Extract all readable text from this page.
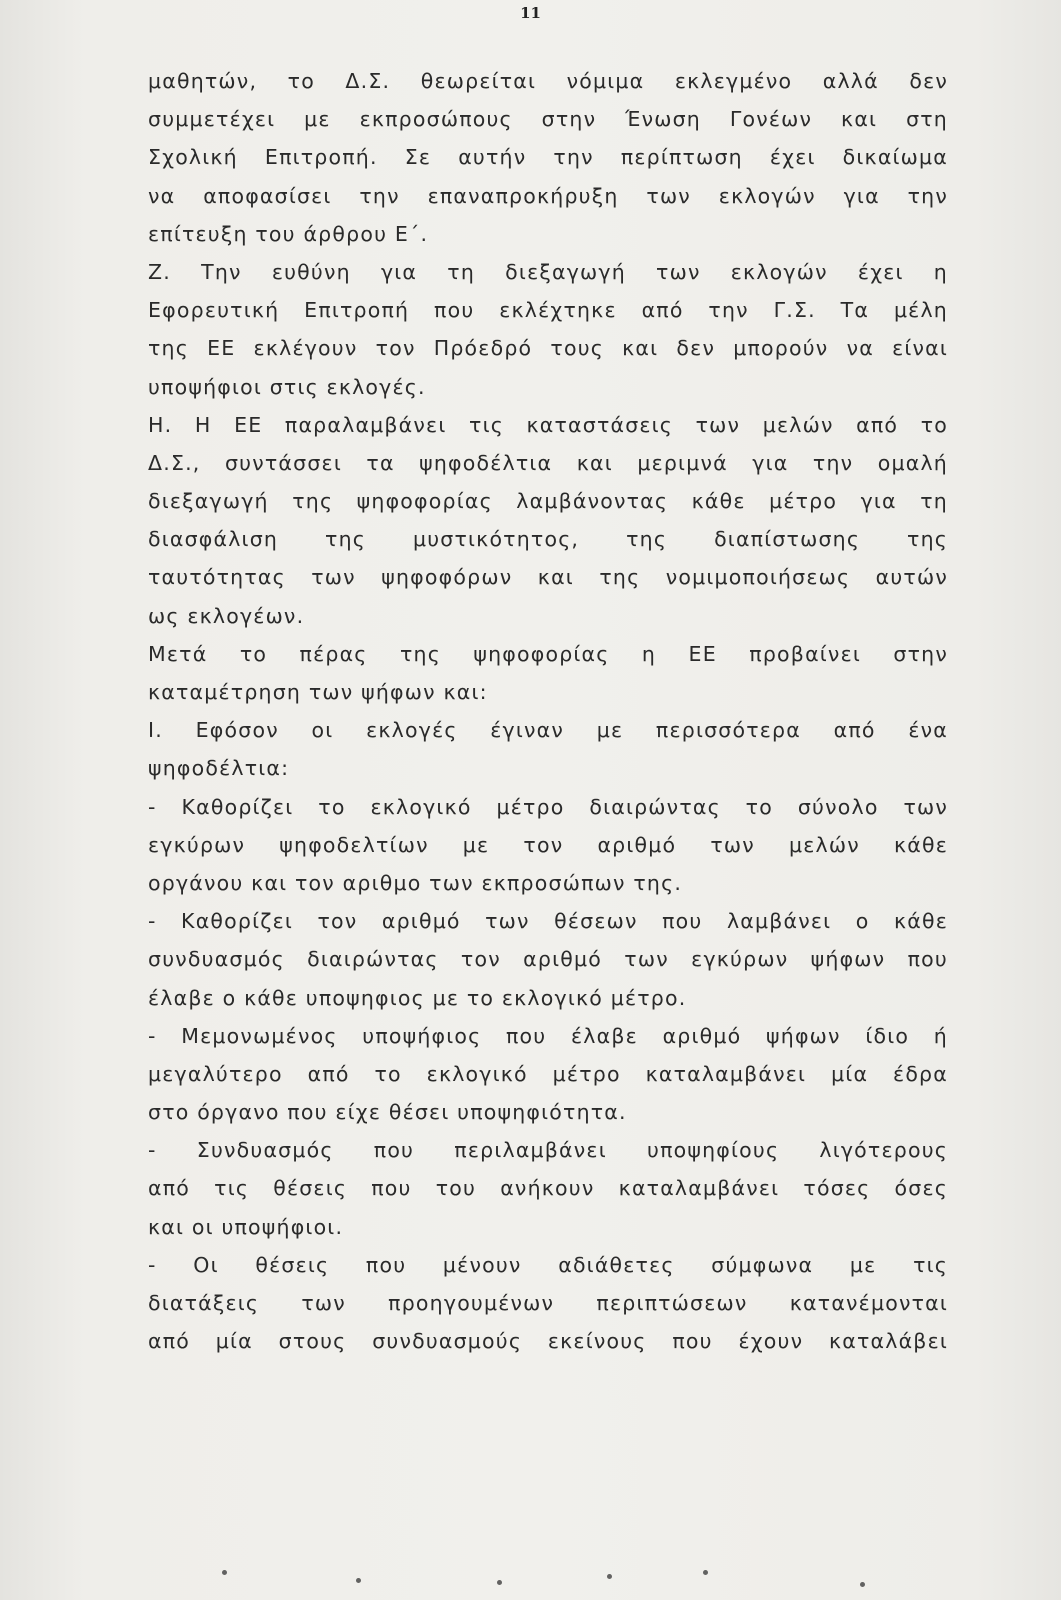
11
μαθητών, το Δ.Σ. θεωρείται νόμιμα εκλεγμένο αλλά δεν
συμμετέχει με εκπροσώπους στην Ένωση Γονέων και στη
Σχολική Επιτροπή. Σε αυτήν την περίπτωση έχει δικαίωμα
να αποφασίσει την επαναπροκήρυξη των εκλογών για την
επίτευξη του άρθρου Ε΄.
Ζ. Την ευθύνη για τη διεξαγωγή των εκλογών έχει η
Εφορευτική Επιτροπή που εκλέχτηκε από την Γ.Σ. Τα μέλη
της ΕΕ εκλέγουν τον Πρόεδρό τους και δεν μπορούν να είναι
υποψήφιοι στις εκλογές.
Η. Η ΕΕ παραλαμβάνει τις καταστάσεις των μελών από το
Δ.Σ., συντάσσει τα ψηφοδέλτια και μεριμνά για την ομαλή
διεξαγωγή της ψηφοφορίας λαμβάνοντας κάθε μέτρο για τη
διασφάλιση της μυστικότητος, της διαπίστωσης της
ταυτότητας των ψηφοφόρων και της νομιμοποιήσεως αυτών
ως εκλογέων.
Μετά το πέρας της ψηφοφορίας η ΕΕ προβαίνει στην
καταμέτρηση των ψήφων και:
Ι. Εφόσον οι εκλογές έγιναν με περισσότερα από ένα
ψηφοδέλτια:
- Καθορίζει το εκλογικό μέτρο διαιρώντας το σύνολο των
εγκύρων ψηφοδελτίων με τον αριθμό των μελών κάθε
οργάνου και τον αριθμο των εκπροσώπων της.
- Καθορίζει τον αριθμό των θέσεων που λαμβάνει ο κάθε
συνδυασμός διαιρώντας τον αριθμό των εγκύρων ψήφων που
έλαβε ο κάθε υποψηφιος με το εκλογικό μέτρο.
- Μεμονωμένος υποψήφιος που έλαβε αριθμό ψήφων ίδιο ή
μεγαλύτερο από το εκλογικό μέτρο καταλαμβάνει μία έδρα
στο όργανο που είχε θέσει υποψηφιότητα.
- Συνδυασμός που περιλαμβάνει υποψηφίους λιγότερους
από τις θέσεις που του ανήκουν καταλαμβάνει τόσες όσες
και οι υποψήφιοι.
- Οι θέσεις που μένουν αδιάθετες σύμφωνα με τις
διατάξεις των προηγουμένων περιπτώσεων κατανέμονται
από μία στους συνδυασμούς εκείνους που έχουν καταλάβει
